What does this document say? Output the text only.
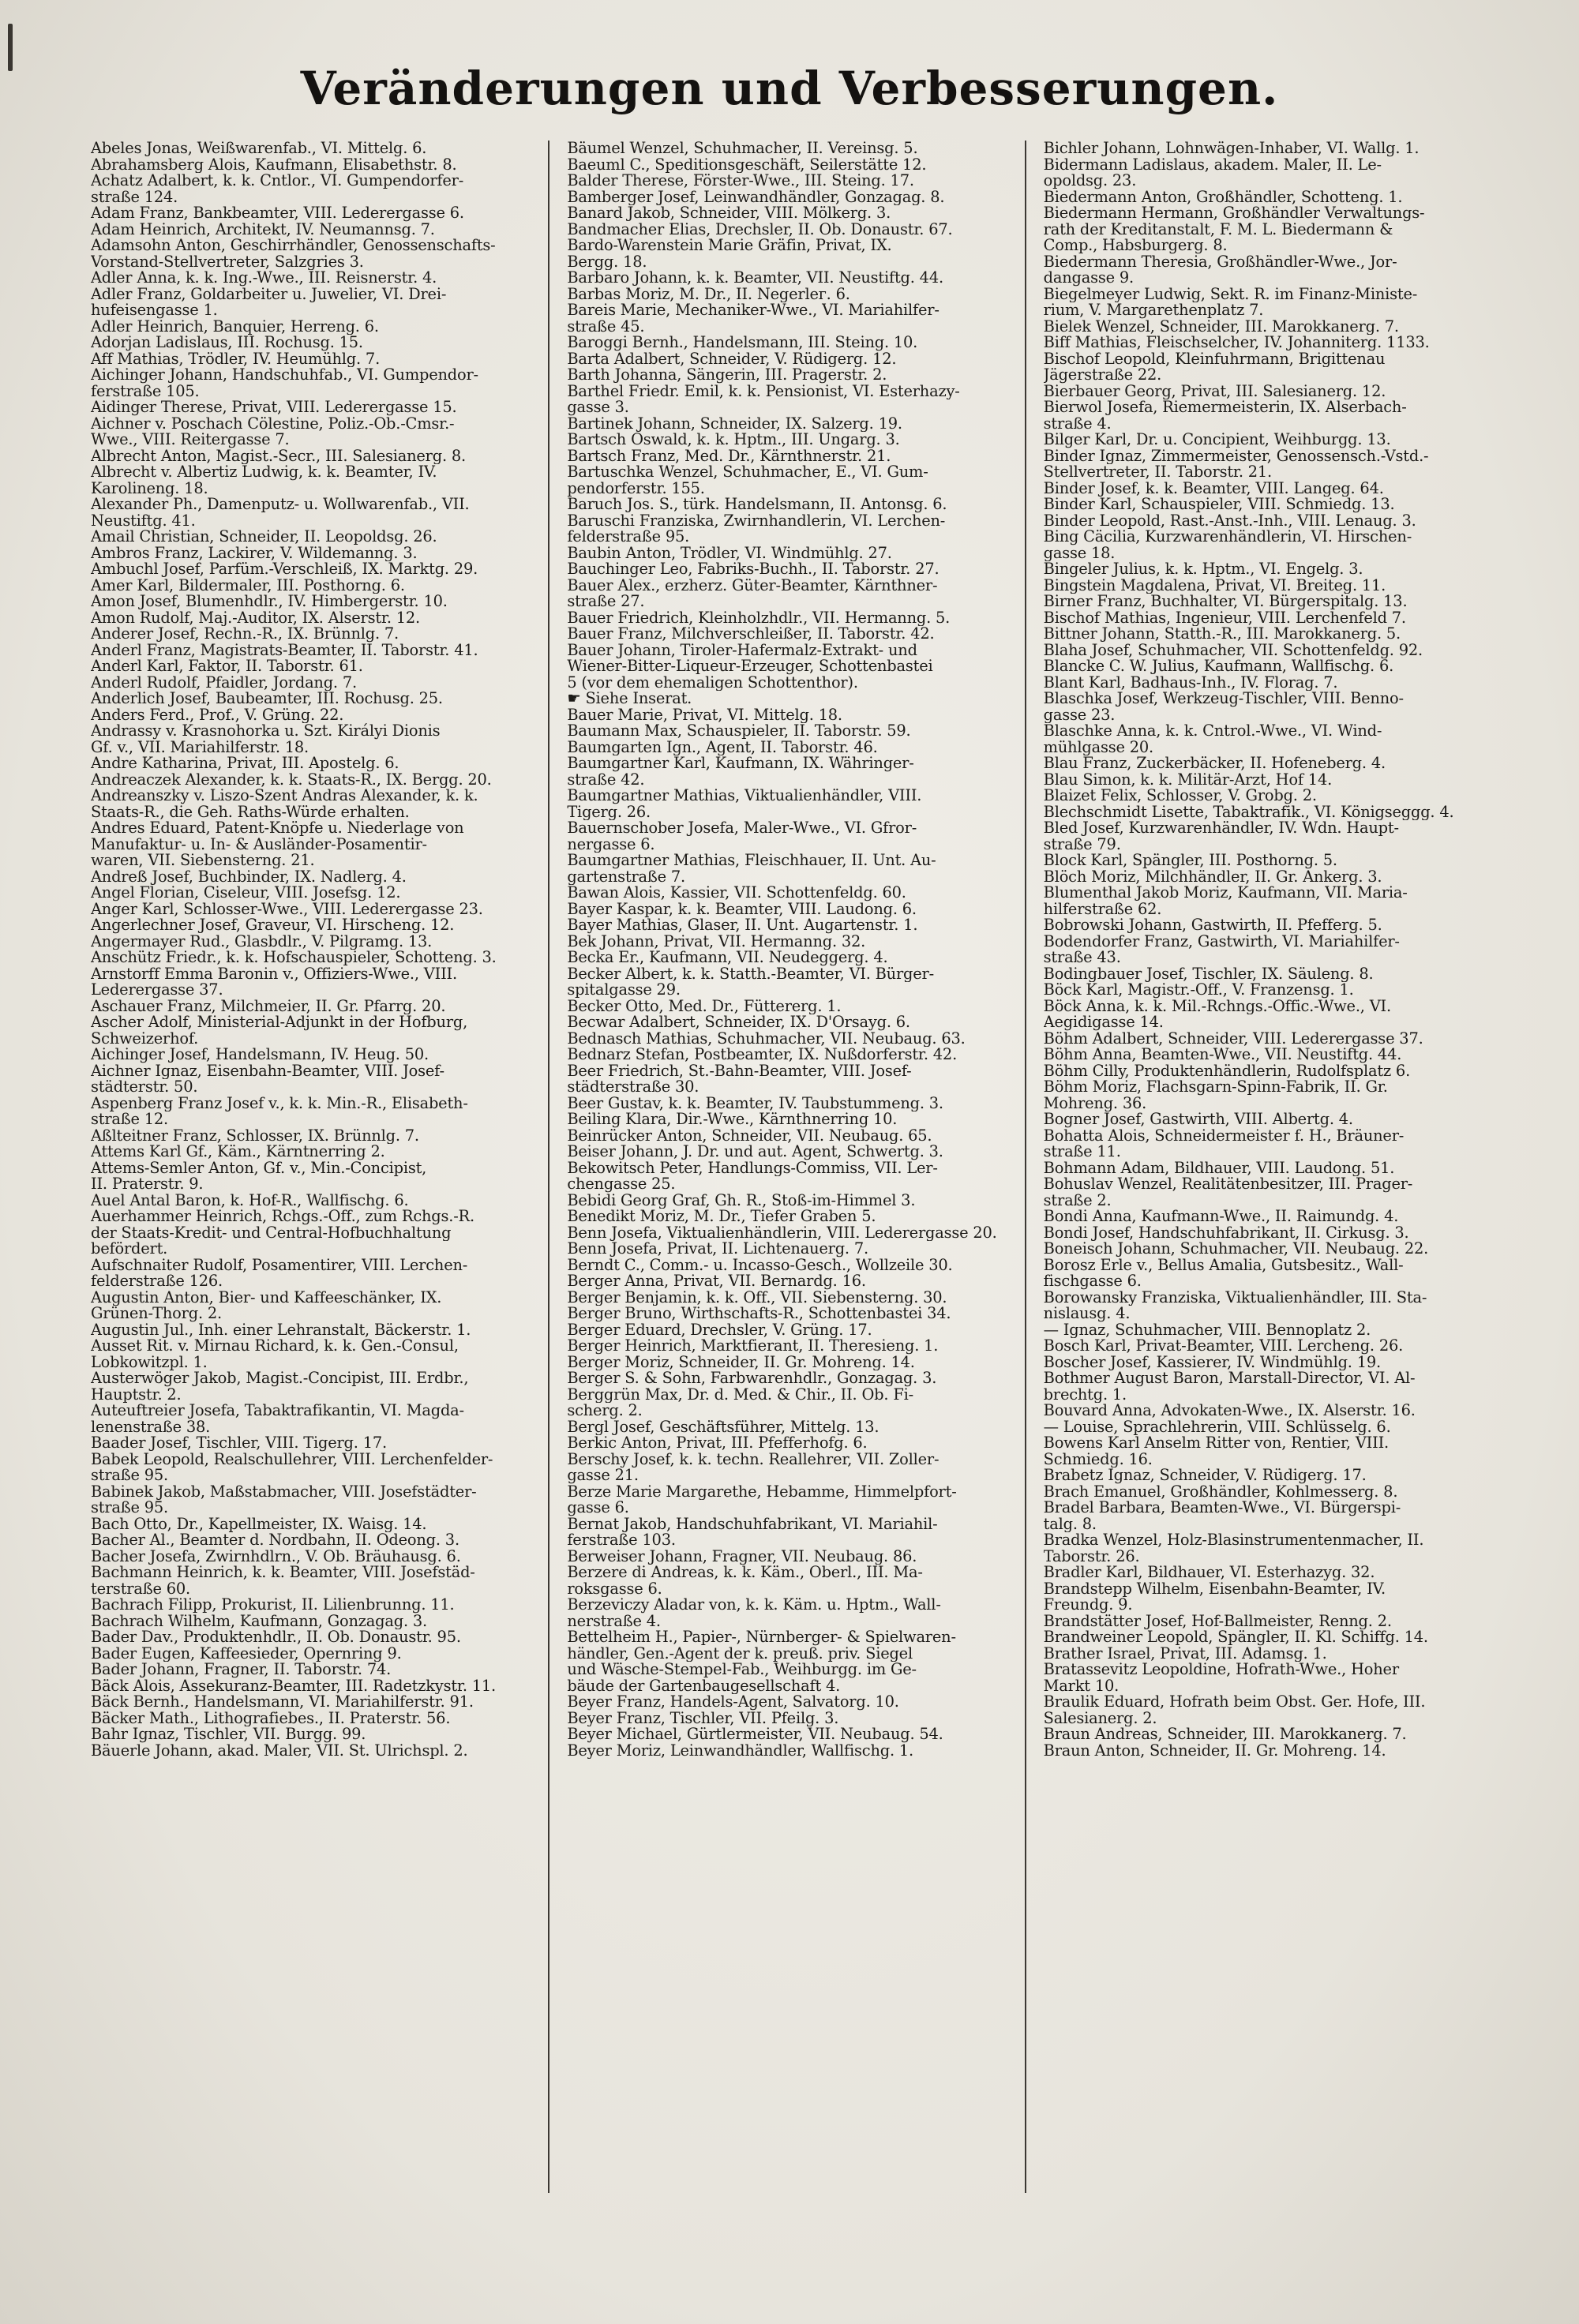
Veränderungen und Verbesserungen.
Abeles Jonas, Weißwarenfab., VI. Mittelg. 6.
Abrahamsberg Alois, Kaufmann, Elisabethstr. 8.
Achatz Adalbert, k. k. Cntlor., VI. Gumpendorfer-
straße 124.
Adam Franz, Bankbeamter, VIII. Lederergasse 6.
Adam Heinrich, Architekt, IV. Neumannsg. 7.
Adamsohn Anton, Geschirrhändler, Genossenschafts-
Vorstand-Stellvertreter, Salzgries 3.
Adler Anna, k. k. Ing.-Wwe., III. Reisnerstr. 4.
Adler Franz, Goldarbeiter u. Juwelier, VI. Drei-
hufeisengasse 1.
Adler Heinrich, Banquier, Herreng. 6.
Adorjan Ladislaus, III. Rochusg. 15.
Aff Mathias, Trödler, IV. Heumühlg. 7.
Aichinger Johann, Handschuhfab., VI. Gumpendor-
ferstraße 105.
Aidinger Therese, Privat, VIII. Lederergasse 15.
Aichner v. Poschach Cölestine, Poliz.-Ob.-Cmsr.-
Wwe., VIII. Reitergasse 7.
Albrecht Anton, Magist.-Secr., III. Salesianerg. 8.
Albrecht v. Albertiz Ludwig, k. k. Beamter, IV.
Karolineng. 18.
Alexander Ph., Damenputz- u. Wollwarenfab., VII.
Neustiftg. 41.
Amail Christian, Schneider, II. Leopoldsg. 26.
Ambros Franz, Lackirer, V. Wildemanng. 3.
Ambuchl Josef, Parfüm.-Verschleiß, IX. Marktg. 29.
Amer Karl, Bildermaler, III. Posthorng. 6.
Amon Josef, Blumenhdlr., IV. Himbergerstr. 10.
Amon Rudolf, Maj.-Auditor, IX. Alserstr. 12.
Anderer Josef, Rechn.-R., IX. Brünnlg. 7.
Anderl Franz, Magistrats-Beamter, II. Taborstr. 41.
Anderl Karl, Faktor, II. Taborstr. 61.
Anderl Rudolf, Pfaidler, Jordang. 7.
Anderlich Josef, Baubeamter, III. Rochusg. 25.
Anders Ferd., Prof., V. Grüng. 22.
Andrassy v. Krasnohorka u. Szt. Királyi Dionis
Gf. v., VII. Mariahilferstr. 18.
Andre Katharina, Privat, III. Apostelg. 6.
Andreaczek Alexander, k. k. Staats-R., IX. Bergg. 20.
Andreanszky v. Liszo-Szent Andras Alexander, k. k.
Staats-R., die Geh. Raths-Würde erhalten.
Andres Eduard, Patent-Knöpfe u. Niederlage von
Manufaktur- u. In- & Ausländer-Posamentir-
waren, VII. Siebensterng. 21.
Andreß Josef, Buchbinder, IX. Nadlerg. 4.
Angel Florian, Ciseleur, VIII. Josefsg. 12.
Anger Karl, Schlosser-Wwe., VIII. Lederergasse 23.
Angerlechner Josef, Graveur, VI. Hirscheng. 12.
Angermayer Rud., Glasbdlr., V. Pilgramg. 13.
Anschütz Friedr., k. k. Hofschauspieler, Schotteng. 3.
Arnstorff Emma Baronin v., Offiziers-Wwe., VIII.
Lederergasse 37.
Aschauer Franz, Milchmeier, II. Gr. Pfarrg. 20.
Ascher Adolf, Ministerial-Adjunkt in der Hofburg,
Schweizerhof.
Aichinger Josef, Handelsmann, IV. Heug. 50.
Aichner Ignaz, Eisenbahn-Beamter, VIII. Josef-
städterstr. 50.
Aspenberg Franz Josef v., k. k. Min.-R., Elisabeth-
straße 12.
Aßlteitner Franz, Schlosser, IX. Brünnlg. 7.
Attems Karl Gf., Käm., Kärntnerring 2.
Attems-Semler Anton, Gf. v., Min.-Concipist,
II. Praterstr. 9.
Auel Antal Baron, k. Hof-R., Wallfischg. 6.
Auerhammer Heinrich, Rchgs.-Off., zum Rchgs.-R.
der Staats-Kredit- und Central-Hofbuchhaltung
befördert.
Aufschnaiter Rudolf, Posamentirer, VIII. Lerchen-
felderstraße 126.
Augustin Anton, Bier- und Kaffeeschänker, IX.
Grünen-Thorg. 2.
Augustin Jul., Inh. einer Lehranstalt, Bäckerstr. 1.
Ausset Rit. v. Mirnau Richard, k. k. Gen.-Consul,
Lobkowitzpl. 1.
Austerwöger Jakob, Magist.-Concipist, III. Erdbr.,
Hauptstr. 2.
Auteuftreier Josefa, Tabaktrafikantin, VI. Magda-
lenenstraße 38.
Baader Josef, Tischler, VIII. Tigerg. 17.
Babek Leopold, Realschullehrer, VIII. Lerchenfelder-
straße 95.
Babinek Jakob, Maßstabmacher, VIII. Josefstädter-
straße 95.
Bach Otto, Dr., Kapellmeister, IX. Waisg. 14.
Bacher Al., Beamter d. Nordbahn, II. Odeong. 3.
Bacher Josefa, Zwirnhdlrn., V. Ob. Bräuhausg. 6.
Bachmann Heinrich, k. k. Beamter, VIII. Josefstäd-
terstraße 60.
Bachrach Filipp, Prokurist, II. Lilienbrunng. 11.
Bachrach Wilhelm, Kaufmann, Gonzagag. 3.
Bader Dav., Produktenhdlr., II. Ob. Donaustr. 95.
Bader Eugen, Kaffeesieder, Opernring 9.
Bader Johann, Fragner, II. Taborstr. 74.
Bäck Alois, Assekuranz-Beamter, III. Radetzkystr. 11.
Bäck Bernh., Handelsmann, VI. Mariahilferstr. 91.
Bäcker Math., Lithografiebes., II. Praterstr. 56.
Bahr Ignaz, Tischler, VII. Burgg. 99.
Bäuerle Johann, akad. Maler, VII. St. Ulrichspl. 2.
Bäumel Wenzel, Schuhmacher, II. Vereinsg. 5.
Baeuml C., Speditionsgeschäft, Seilerstätte 12.
Balder Therese, Förster-Wwe., III. Steing. 17.
Bamberger Josef, Leinwandhändler, Gonzagag. 8.
Banard Jakob, Schneider, VIII. Mölkerg. 3.
Bandmacher Elias, Drechsler, II. Ob. Donaustr. 67.
Bardo-Warenstein Marie Gräfin, Privat, IX.
Bergg. 18.
Barbaro Johann, k. k. Beamter, VII. Neustiftg. 44.
Barbas Moriz, M. Dr., II. Negerlег. 6.
Bareis Marie, Mechaniker-Wwe., VI. Mariahilfer-
straße 45.
Baroggi Bernh., Handelsmann, III. Steing. 10.
Barta Adalbert, Schneider, V. Rüdigerg. 12.
Barth Johanna, Sängerin, III. Pragerstr. 2.
Barthel Friedr. Emil, k. k. Pensionist, VI. Esterhazy-
gasse 3.
Bartinek Johann, Schneider, IX. Salzerg. 19.
Bartsch Oswald, k. k. Hptm., III. Ungarg. 3.
Bartsch Franz, Med. Dr., Kärnthnerstr. 21.
Bartuschka Wenzel, Schuhmacher, E., VI. Gum-
pendorferstr. 155.
Baruch Jos. S., türk. Handelsmann, II. Antonsg. 6.
Baruschi Franziska, Zwirnhandlerin, VI. Lerchen-
felderstraße 95.
Baubin Anton, Trödler, VI. Windmühlg. 27.
Bauchinger Leo, Fabriks-Buchh., II. Taborstr. 27.
Bauer Alex., erzherz. Güter-Beamter, Kärnthner-
straße 27.
Bauer Friedrich, Kleinholzhdlr., VII. Hermanng. 5.
Bauer Franz, Milchverschleißer, II. Taborstr. 42.
Bauer Johann, Tiroler-Hafermalz-Extrakt- und
Wiener-Bitter-Liqueur-Erzeuger, Schottenbastei
5 (vor dem ehemaligen Schottenthor).
☛ Siehe Inserat.
Bauer Marie, Privat, VI. Mittelg. 18.
Baumann Max, Schauspieler, II. Taborstr. 59.
Baumgarten Ign., Agent, II. Taborstr. 46.
Baumgartner Karl, Kaufmann, IX. Währinger-
straße 42.
Baumgartner Mathias, Viktualienhändler, VIII.
Tigerg. 26.
Bauernschober Josefa, Maler-Wwe., VI. Gfror-
nergasse 6.
Baumgartner Mathias, Fleischhauer, II. Unt. Au-
gartenstraße 7.
Bawan Alois, Kassier, VII. Schottenfeldg. 60.
Bayer Kaspar, k. k. Beamter, VIII. Laudong. 6.
Bayer Mathias, Glaser, II. Unt. Augartenstr. 1.
Bek Johann, Privat, VII. Hermanng. 32.
Becka Er., Kaufmann, VII. Neudeggerg. 4.
Becker Albert, k. k. Statth.-Beamter, VI. Bürger-
spitalgasse 29.
Becker Otto, Med. Dr., Füttererg. 1.
Becwar Adalbert, Schneider, IX. D'Orsayg. 6.
Bednasch Mathias, Schuhmacher, VII. Neubaug. 63.
Bednarz Stefan, Postbeamter, IX. Nußdorferstr. 42.
Beer Friedrich, St.-Bahn-Beamter, VIII. Josef-
städterstraße 30.
Beer Gustav, k. k. Beamter, IV. Taubstummeng. 3.
Beiling Klara, Dir.-Wwe., Kärnthnerring 10.
Beinrücker Anton, Schneider, VII. Neubaug. 65.
Beiser Johann, J. Dr. und aut. Agent, Schwertg. 3.
Bekowitsch Peter, Handlungs-Commiss, VII. Ler-
chengasse 25.
Bebidi Georg Graf, Gh. R., Stoß-im-Himmel 3.
Benedikt Moriz, M. Dr., Tiefer Graben 5.
Benn Josefa, Viktualienhändlerin, VIII. Lederergasse 20.
Benn Josefa, Privat, II. Lichtenauerg. 7.
Berndt C., Comm.- u. Incasso-Gesch., Wollzeile 30.
Berger Anna, Privat, VII. Bernardg. 16.
Berger Benjamin, k. k. Off., VII. Siebensterng. 30.
Berger Bruno, Wirthschafts-R., Schottenbastei 34.
Berger Eduard, Drechsler, V. Grüng. 17.
Berger Heinrich, Marktfierant, II. Theresieng. 1.
Berger Moriz, Schneider, II. Gr. Mohreng. 14.
Berger S. & Sohn, Farbwarenhdlr., Gonzagag. 3.
Berggrün Max, Dr. d. Med. & Chir., II. Ob. Fi-
scherg. 2.
Bergl Josef, Geschäftsführer, Mittelg. 13.
Berkic Anton, Privat, III. Pfefferhofg. 6.
Berschy Josef, k. k. techn. Reallehrer, VII. Zoller-
gasse 21.
Berze Marie Margarethe, Hebamme, Himmelpfort-
gasse 6.
Bernat Jakob, Handschuhfabrikant, VI. Mariahil-
ferstraße 103.
Berweiser Johann, Fragner, VII. Neubaug. 86.
Berzere di Andreas, k. k. Käm., Oberl., III. Ma-
roksgasse 6.
Berzeviczy Aladar von, k. k. Käm. u. Hptm., Wall-
nerstraße 4.
Bettelheim H., Papier-, Nürnberger- & Spielwaren-
händler, Gen.-Agent der k. preuß. priv. Siegel
und Wäsche-Stempel-Fab., Weihburgg. im Ge-
bäude der Gartenbaugesellschaft 4.
Beyer Franz, Handels-Agent, Salvatorg. 10.
Beyer Franz, Tischler, VII. Pfeilg. 3.
Beyer Michael, Gürtlermeister, VII. Neubaug. 54.
Beyer Moriz, Leinwandhändler, Wallfischg. 1.
Bichler Johann, Lohnwägen-Inhaber, VI. Wallg. 1.
Bidermann Ladislaus, akadem. Maler, II. Le-
opoldsg. 23.
Biedermann Anton, Großhändler, Schotteng. 1.
Biedermann Hermann, Großhändler Verwaltungs-
rath der Kreditanstalt, F. M. L. Biedermann &
Comp., Habsburgerg. 8.
Biedermann Theresia, Großhändler-Wwe., Jor-
dangasse 9.
Biegelmeyer Ludwig, Sekt. R. im Finanz-Ministe-
rium, V. Margarethenplatz 7.
Bielek Wenzel, Schneider, III. Marokkanerg. 7.
Biff Mathias, Fleischselcher, IV. Johanniterg. 1133.
Bischof Leopold, Kleinfuhrmann, Brigittenau
Jägerstraße 22.
Bierbauer Georg, Privat, III. Salesianerg. 12.
Bierwol Josefa, Riemermeisterin, IX. Alserbach-
straße 4.
Bilger Karl, Dr. u. Concipient, Weihburgg. 13.
Binder Ignaz, Zimmermeister, Genossensch.-Vstd.-
Stellvertreter, II. Taborstr. 21.
Binder Josef, k. k. Beamter, VIII. Langeg. 64.
Binder Karl, Schauspieler, VIII. Schmiedg. 13.
Binder Leopold, Rast.-Anst.-Inh., VIII. Lenaug. 3.
Bing Cäcilia, Kurzwarenhändlerin, VI. Hirschen-
gasse 18.
Bingeler Julius, k. k. Hptm., VI. Engelg. 3.
Bingstein Magdalena, Privat, VI. Breiteg. 11.
Birner Franz, Buchhalter, VI. Bürgerspitalg. 13.
Bischof Mathias, Ingenieur, VIII. Lerchenfeld 7.
Bittner Johann, Statth.-R., III. Marokkanerg. 5.
Blaha Josef, Schuhmacher, VII. Schottenfeldg. 92.
Blancke C. W. Julius, Kaufmann, Wallfischg. 6.
Blant Karl, Badhaus-Inh., IV. Florag. 7.
Blaschka Josef, Werkzeug-Tischler, VIII. Benno-
gasse 23.
Blaschke Anna, k. k. Cntrol.-Wwe., VI. Wind-
mühlgasse 20.
Blau Franz, Zuckerbäcker, II. Hofeneberg. 4.
Blau Simon, k. k. Militär-Arzt, Hof 14.
Blaizet Felix, Schlosser, V. Grobg. 2.
Blechschmidt Lisette, Tabaktrafik., VI. Königseggg. 4.
Bled Josef, Kurzwarenhändler, IV. Wdn. Haupt-
straße 79.
Block Karl, Spängler, III. Posthorng. 5.
Blöch Moriz, Milchhändler, II. Gr. Ankerg. 3.
Blumenthal Jakob Moriz, Kaufmann, VII. Maria-
hilferstraße 62.
Bobrowski Johann, Gastwirth, II. Pfefferg. 5.
Bodendorfer Franz, Gastwirth, VI. Mariahilfer-
straße 43.
Bodingbauer Josef, Tischler, IX. Säuleng. 8.
Böck Karl, Magistr.-Off., V. Franzensg. 1.
Böck Anna, k. k. Mil.-Rchngs.-Offic.-Wwe., VI.
Aegidigasse 14.
Böhm Adalbert, Schneider, VIII. Lederergasse 37.
Böhm Anna, Beamten-Wwe., VII. Neustiftg. 44.
Böhm Cilly, Produktenhändlerin, Rudolfsplatz 6.
Böhm Moriz, Flachsgarn-Spinn-Fabrik, II. Gr.
Mohreng. 36.
Bogner Josef, Gastwirth, VIII. Albertg. 4.
Bohatta Alois, Schneidermeister f. H., Bräuner-
straße 11.
Bohmann Adam, Bildhauer, VIII. Laudong. 51.
Bohuslav Wenzel, Realitätenbesitzer, III. Prager-
straße 2.
Bondi Anna, Kaufmann-Wwe., II. Raimundg. 4.
Bondi Josef, Handschuhfabrikant, II. Cirkusg. 3.
Boneisch Johann, Schuhmacher, VII. Neubaug. 22.
Borosz Erle v., Bellus Amalia, Gutsbesitz., Wall-
fischgasse 6.
Borowansky Franziska, Viktualienhändler, III. Sta-
nislausg. 4.
— Ignaz, Schuhmacher, VIII. Bennoplatz 2.
Bosch Karl, Privat-Beamter, VIII. Lercheng. 26.
Boscher Josef, Kassierer, IV. Windmühlg. 19.
Bothmer August Baron, Marstall-Director, VI. Al-
brechtg. 1.
Bouvard Anna, Advokaten-Wwe., IX. Alserstr. 16.
— Louise, Sprachlehrerin, VIII. Schlüsselg. 6.
Bowens Karl Anselm Ritter von, Rentier, VIII.
Schmiedg. 16.
Brabetz Ignaz, Schneider, V. Rüdigerg. 17.
Brach Emanuel, Großhändler, Kohlmesserg. 8.
Bradel Barbara, Beamten-Wwe., VI. Bürgerspi-
talg. 8.
Bradka Wenzel, Holz-Blasinstrumentenmacher, II.
Taborstr. 26.
Bradler Karl, Bildhauer, VI. Esterhazyg. 32.
Brandstepp Wilhelm, Eisenbahn-Beamter, IV.
Freundg. 9.
Brandstätter Josef, Hof-Ballmeister, Renng. 2.
Brandweiner Leopold, Spängler, II. Kl. Schiffg. 14.
Brather Israel, Privat, III. Adamsg. 1.
Bratassevitz Leopoldine, Hofrath-Wwe., Hoher
Markt 10.
Braulik Eduard, Hofrath beim Obst. Ger. Hofe, III.
Salesianerg. 2.
Braun Andreas, Schneider, III. Marokkanerg. 7.
Braun Anton, Schneider, II. Gr. Mohreng. 14.
